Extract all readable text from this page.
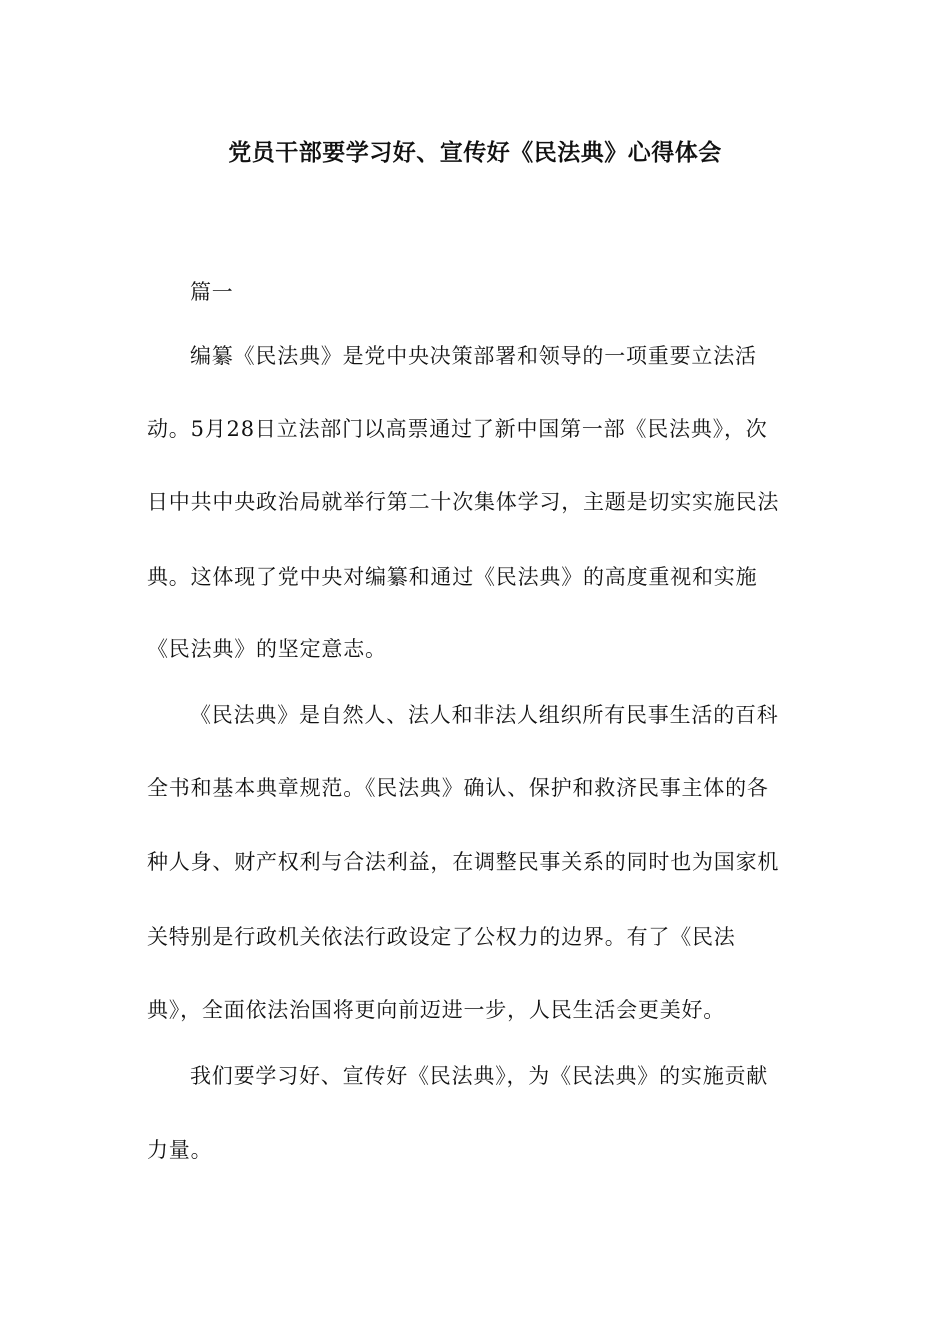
党员干部要学习好、宣传好《民法典》心得体会
篇一
编纂《民法典》是党中央决策部署和领导的一项重要立法活
动。5月28日立法部门以高票通过了新中国第一部《民法典》，次
日中共中央政治局就举行第二十次集体学习，主题是切实实施民法
典。这体现了党中央对编纂和通过《民法典》的高度重视和实施
《民法典》的坚定意志。
《民法典》是自然人、法人和非法人组织所有民事生活的百科
全书和基本典章规范。《民法典》确认、保护和救济民事主体的各
种人身、财产权利与合法利益，在调整民事关系的同时也为国家机
关特别是行政机关依法行政设定了公权力的边界。有了《民法
典》，全面依法治国将更向前迈进一步，人民生活会更美好。
我们要学习好、宣传好《民法典》，为《民法典》的实施贡献
力量。
